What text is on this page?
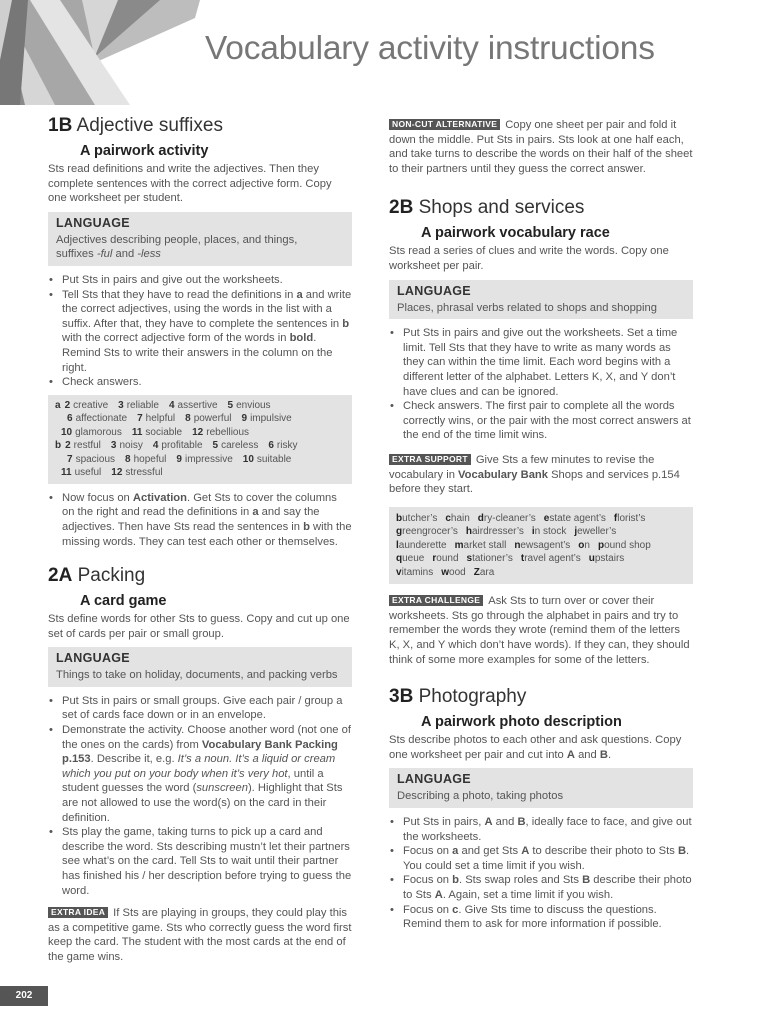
Vocabulary activity instructions
1B Adjective suffixes
A pairwork activity

Sts read definitions and write the adjectives. Then they complete sentences with the correct adjective form. Copy one worksheet per student.

LANGUAGE
Adjectives describing people, places, and things,
suffixes -ful and -less
• Put Sts in pairs and give out the worksheets.
• Tell Sts that they have to read the definitions in a and write the correct adjectives, using the words in the list with a suffix. After that, they have to complete the sentences in b with the correct adjective form of the words in bold. Remind Sts to write their answers in the column on the right.
• Check answers.
a 2 creative 3 reliable 4 assertive 5 envious
6 affectionate 7 helpful 8 powerful 9 impulsive
10 glamorous 11 sociable 12 rebellious
b 2 restful 3 noisy 4 profitable 5 careless 6 risky
7 spacious 8 hopeful 9 impressive 10 suitable
11 useful 12 stressful
• Now focus on Activation. Get Sts to cover the columns on the right and read the definitions in a and say the adjectives. Then have Sts read the sentences in b with the missing words. They can test each other or themselves.
2A Packing
A card game

Sts define words for other Sts to guess. Copy and cut up one set of cards per pair or small group.

LANGUAGE
Things to take on holiday, documents, and packing verbs
• Put Sts in pairs or small groups. Give each pair / group a set of cards face down or in an envelope.
• Demonstrate the activity. Choose another word (not one of the ones on the cards) from Vocabulary Bank Packing p.153. Describe it, e.g. It’s a noun. It’s a liquid or cream which you put on your body when it’s very hot, until a student guesses the word (sunscreen). Highlight that Sts are not allowed to use the word(s) on the card in their definition.
• Sts play the game, taking turns to pick up a card and describe the word. Sts describing mustn’t let their partners see what’s on the card. Tell Sts to wait until their partner has finished his / her description before trying to guess the word.

EXTRA IDEA If Sts are playing in groups, they could play this as a competitive game. Sts who correctly guess the word first keep the card. The student with the most cards at the end of the game wins.

NON-CUT ALTERNATIVE Copy one sheet per pair and fold it down the middle. Put Sts in pairs. Sts look at one half each, and take turns to describe the words on their half of the sheet to their partners until they guess the correct answer.

2B Shops and services
A pairwork vocabulary race

Sts read a series of clues and write the words. Copy one worksheet per pair.

LANGUAGE
Places, phrasal verbs related to shops and shopping
• Put Sts in pairs and give out the worksheets. Set a time limit. Tell Sts that they have to write as many words as they can within the time limit. Each word begins with a different letter of the alphabet. Letters K, X, and Y don’t have clues and can be ignored.
• Check answers. The first pair to complete all the words correctly wins, or the pair with the most correct answers at the end of the time limit wins.

EXTRA SUPPORT Give Sts a few minutes to revise the vocabulary in Vocabulary Bank Shops and services p.154 before they start.

butcher’s chain dry-cleaner’s estate agent’s florist’s
greengrocer’s hairdresser’s in stock jeweller’s
launderette market stall newsagent’s on pound shop
queue round stationer’s travel agent’s upstairs
vitamins wood Zara

EXTRA CHALLENGE Ask Sts to turn over or cover their worksheets. Sts go through the alphabet in pairs and try to remember the words they wrote (remind them of the letters K, X, and Y which don’t have words). If they can, they should think of some more examples for some of the letters.

3B Photography
A pairwork photo description

Sts describe photos to each other and ask questions. Copy one worksheet per pair and cut into A and B.

LANGUAGE
Describing a photo, taking photos
• Put Sts in pairs, A and B, ideally face to face, and give out the worksheets.
• Focus on a and get Sts A to describe their photo to Sts B. You could set a time limit if you wish.
• Focus on b. Sts swap roles and Sts B describe their photo to Sts A. Again, set a time limit if you wish.
• Focus on c. Give Sts time to discuss the questions. Remind them to ask for more information if possible.
202
